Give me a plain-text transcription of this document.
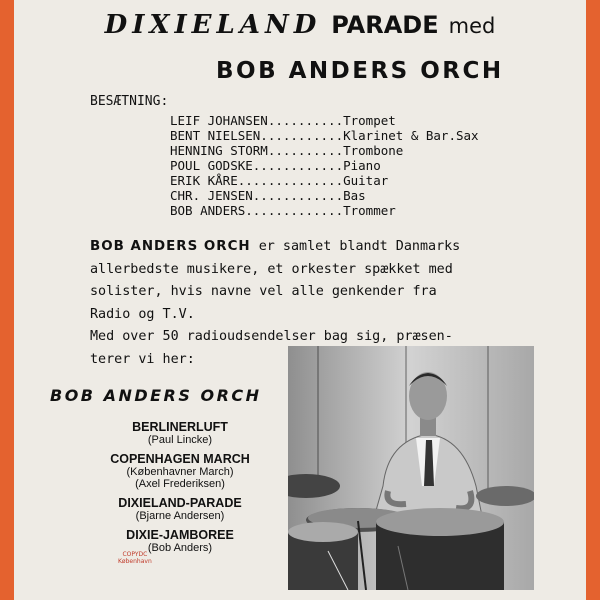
DIXIELAND PARADE med
BOB ANDERS ORCH
BESÆTNING:
LEIF JOHANSEN..........Trompet
BENT NIELSEN...........Klarinet & Bar.Sax
HENNING STORM..........Trombone
POUL GODSKE............Piano
ERIK KÅRE..............Guitar
CHR. JENSEN............Bas
BOB ANDERS.............Trommer
BOB ANDERS ORCH er samlet blandt Danmarks
allerbedste musikere, et orkester spækket med
solister, hvis navne vel alle genkender fra
Radio og T.V.
Med over 50 radioudsendelser bag sig, præsen-
terer vi her:
BOB ANDERS ORCH
BERLINERLUFT
(Paul Lincke)
COPENHAGEN MARCH
(Københavner March)
(Axel Frederiksen)
DIXIELAND-PARADE
(Bjarne Andersen)
DIXIE-JAMBOREE
(Bob Anders)
COPYDC
København
